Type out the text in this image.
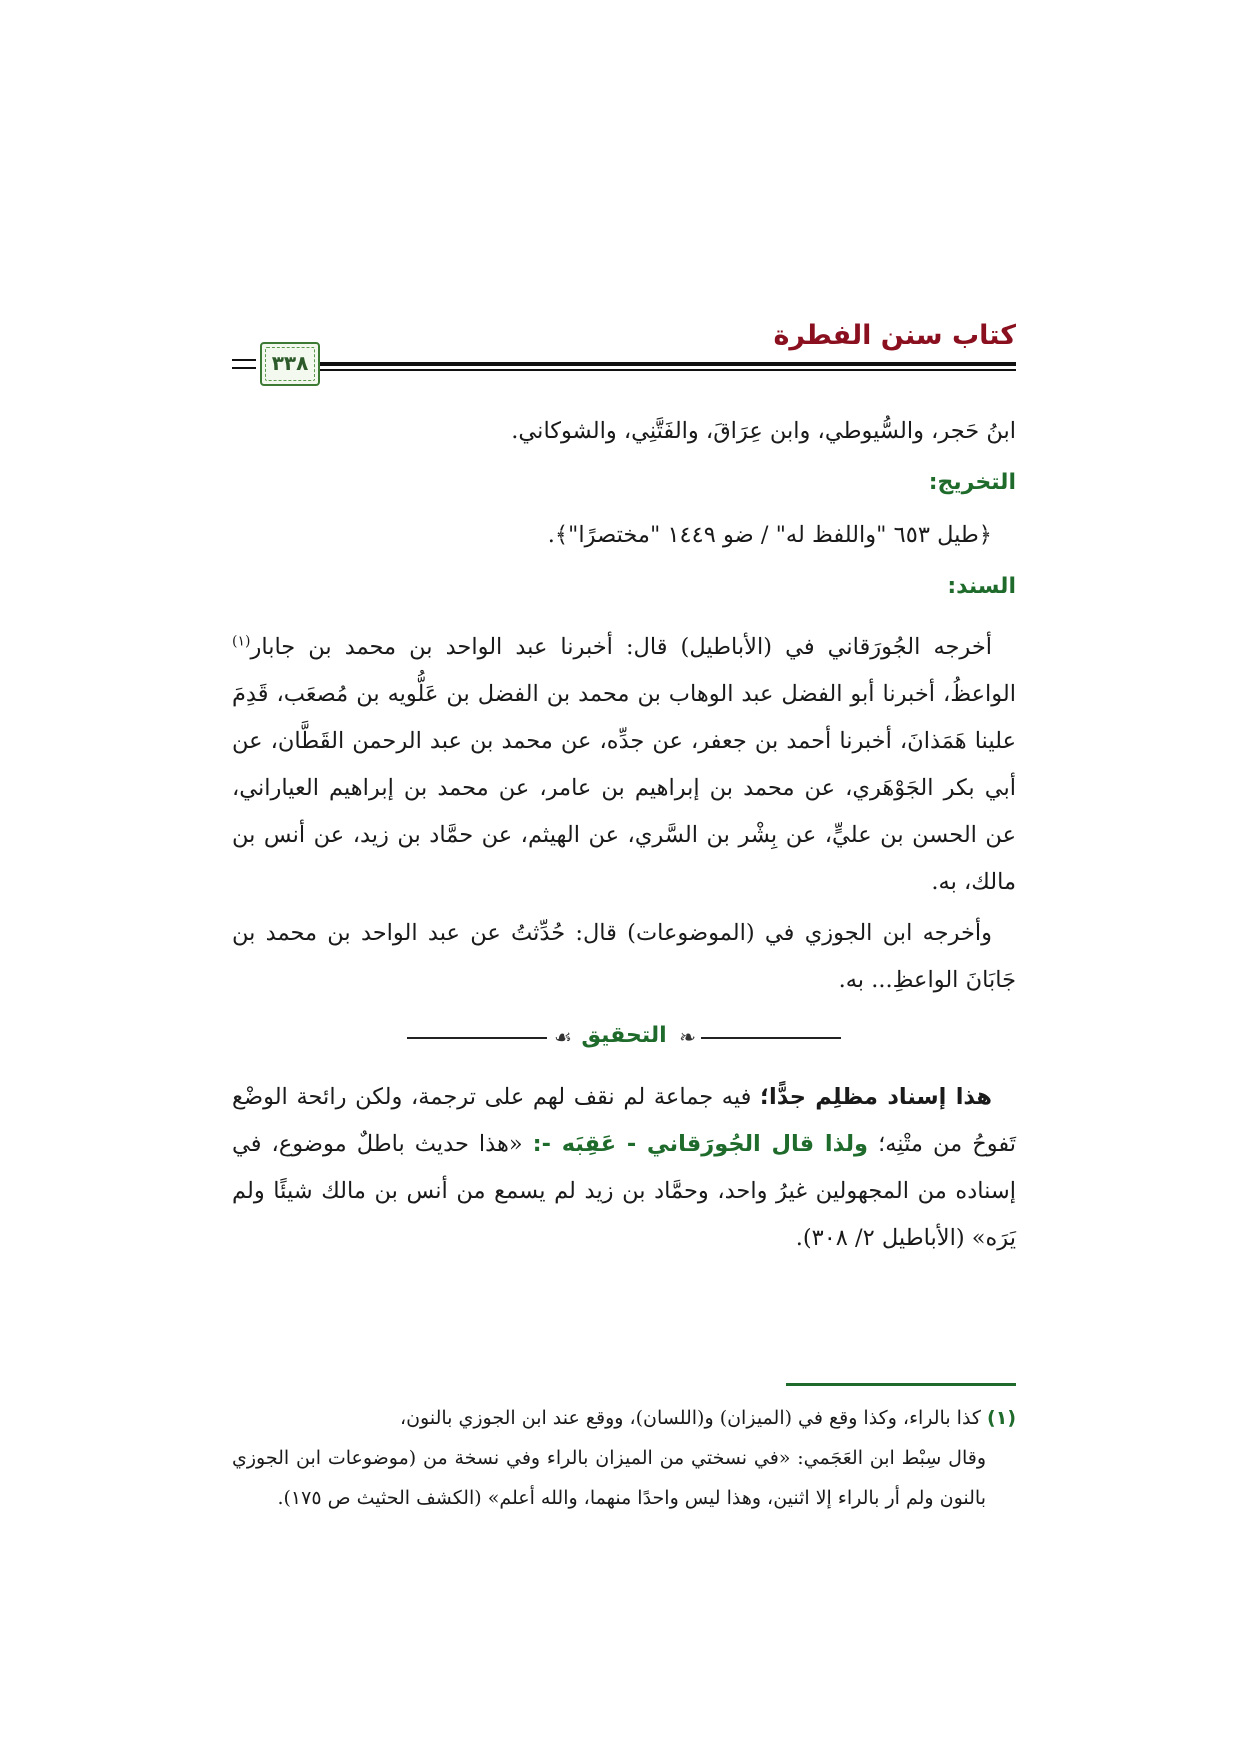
كتاب سنن الفطرة
٣٣٨

ابنُ حَجر، والسُّيوطي، وابن عِرَاقَ، والفَتَّنِي، والشوكاني.

التخريج:

﴿طيل ٦٥٣ "واللفظ له" / ضو ١٤٤٩ "مختصرًا"﴾.

السند:

أخرجه الجُورَقاني في (الأباطيل) قال: أخبرنا عبد الواحد بن محمد بن جابار$^{(١)}$ الواعظُ، أخبرنا أبو الفضل عبد الوهاب بن محمد بن الفضل بن عَلُّويه بن مُصعَب، قَدِمَ علينا هَمَذانَ، أخبرنا أحمد بن جعفر، عن جدِّه، عن محمد بن عبد الرحمن القَطَّان، عن أبي بكر الجَوْهَري، عن محمد بن إبراهيم بن عامر، عن محمد بن إبراهيم العياراني، عن الحسن بن عليٍّ، عن بِشْر بن السَّري، عن الهيثم، عن حمَّاد بن زيد، عن أنس بن مالك، به.

وأخرجه ابن الجوزي في (الموضوعات) قال: حُدِّثتُ عن عبد الواحد بن محمد بن جَابَانَ الواعظِ... به.

❧
التحقيق
☙

هذا إسناد مظلِم جدًّا؛ فيه جماعة لم نقف لهم على ترجمة، ولكن رائحة الوضْع تَفوحُ من متْنِه؛ ولذا قال الجُورَقاني - عَقِبَه -: «هذا حديث باطلٌ موضوع، في إسناده من المجهولين غيرُ واحد، وحمَّاد بن زيد لم يسمع من أنس بن مالك شيئًا ولم يَرَه» (الأباطيل ٢/ ٣٠٨).

(١) كذا بالراء، وكذا وقع في (الميزان) و(اللسان)، ووقع عند ابن الجوزي بالنون،

وقال سِبْط ابن العَجَمي: «في نسختي من الميزان بالراء وفي نسخة من (موضوعات ابن الجوزي بالنون ولم أر بالراء إلا اثنين، وهذا ليس واحدًا منهما، والله أعلم» (الكشف الحثيث ص ١٧٥).
